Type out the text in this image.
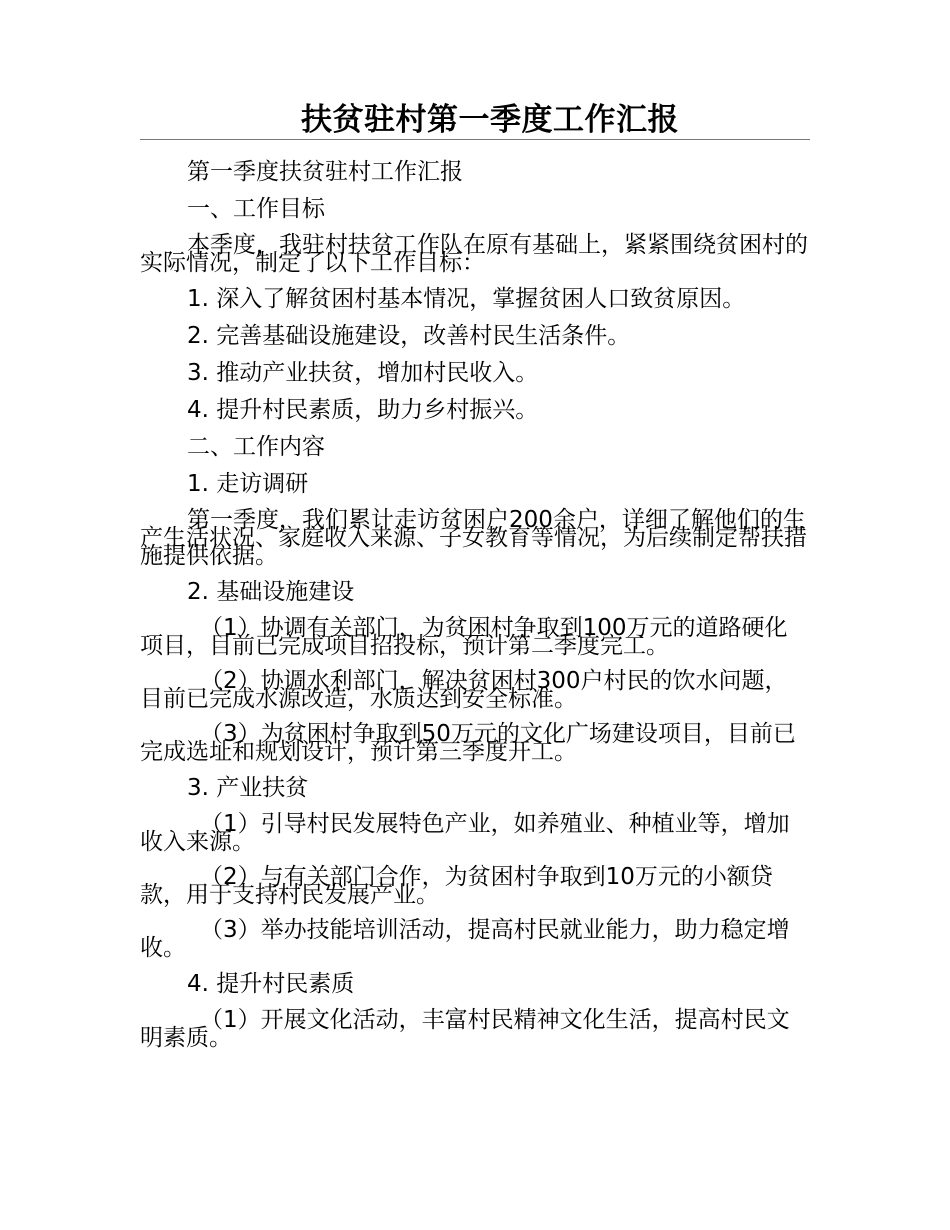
扶贫驻村第一季度工作汇报

第一季度扶贫驻村工作汇报

一、工作目标

本季度，我驻村扶贫工作队在原有基础上，紧紧围绕贫困村的实际情况，制定了以下工作目标：

1. 深入了解贫困村基本情况，掌握贫困人口致贫原因。

2. 完善基础设施建设，改善村民生活条件。

3. 推动产业扶贫，增加村民收入。

4. 提升村民素质，助力乡村振兴。

二、工作内容

1. 走访调研

第一季度，我们累计走访贫困户200余户，详细了解他们的生产生活状况、家庭收入来源、子女教育等情况，为后续制定帮扶措施提供依据。

2. 基础设施建设

（1）协调有关部门，为贫困村争取到100万元的道路硬化项目，目前已完成项目招投标，预计第二季度完工。

（2）协调水利部门，解决贫困村300户村民的饮水问题，目前已完成水源改造，水质达到安全标准。

（3）为贫困村争取到50万元的文化广场建设项目，目前已完成选址和规划设计，预计第三季度开工。

3. 产业扶贫

（1）引导村民发展特色产业，如养殖业、种植业等，增加收入来源。

（2）与有关部门合作，为贫困村争取到10万元的小额贷款，用于支持村民发展产业。

（3）举办技能培训活动，提高村民就业能力，助力稳定增收。

4. 提升村民素质

（1）开展文化活动，丰富村民精神文化生活，提高村民文明素质。
